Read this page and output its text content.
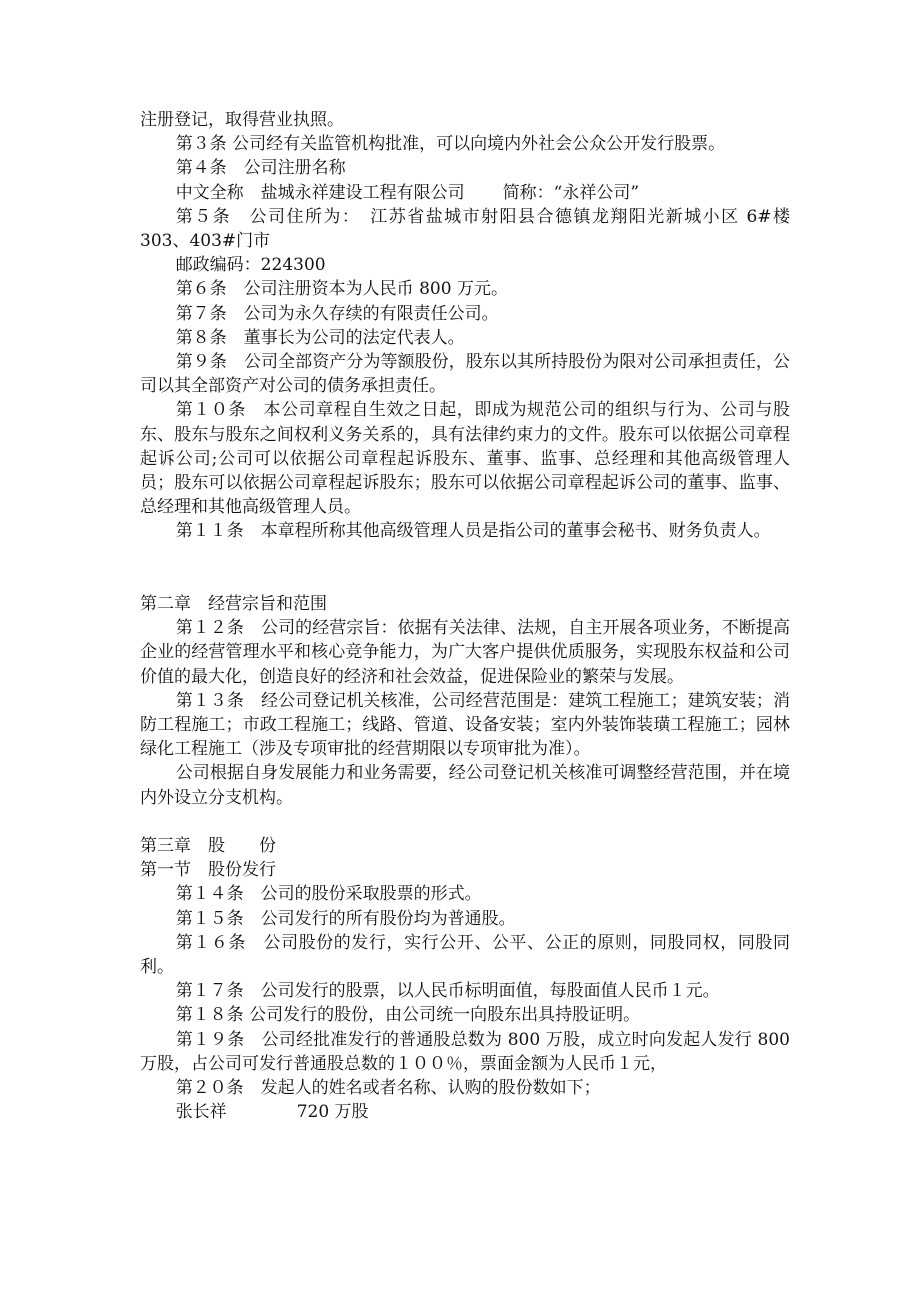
注册登记，取得营业执照。
第３条 公司经有关监管机构批准，可以向境内外社会公众公开发行股票。
第４条　公司注册名称
中文全称　盐城永祥建设工程有限公司 简称：“永祥公司”
第５条　公司住所为：　江苏省盐城市射阳县合德镇龙翔阳光新城小区 6#楼 303、403#门市
邮政编码：224300
第６条　公司注册资本为人民币 800 万元。
第７条　公司为永久存续的有限责任公司。
第８条　董事长为公司的法定代表人。
第９条　公司全部资产分为等额股份，股东以其所持股份为限对公司承担责任，公司以其全部资产对公司的债务承担责任。
第１０条　本公司章程自生效之日起，即成为规范公司的组织与行为、公司与股东、股东与股东之间权利义务关系的，具有法律约束力的文件。股东可以依据公司章程起诉公司;公司可以依据公司章程起诉股东、董事、监事、总经理和其他高级管理人员；股东可以依据公司章程起诉股东；股东可以依据公司章程起诉公司的董事、监事、总经理和其他高级管理人员。
第１１条　本章程所称其他高级管理人员是指公司的董事会秘书、财务负责人。
第二章　经营宗旨和范围
第１２条　公司的经营宗旨：依据有关法律、法规，自主开展各项业务，不断提高企业的经营管理水平和核心竞争能力，为广大客户提供优质服务，实现股东权益和公司价值的最大化，创造良好的经济和社会效益，促进保险业的繁荣与发展。
第１３条　经公司登记机关核准，公司经营范围是：建筑工程施工；建筑安装；消防工程施工；市政工程施工；线路、管道、设备安装；室内外装饰装璜工程施工；园林绿化工程施工（涉及专项审批的经营期限以专项审批为准）。
公司根据自身发展能力和业务需要，经公司登记机关核准可调整经营范围，并在境内外设立分支机构。
第三章　股　　份
第一节　股份发行
第１４条　公司的股份采取股票的形式。
第１５条　公司发行的所有股份均为普通股。
第１６条　公司股份的发行，实行公开、公平、公正的原则，同股同权，同股同利。
第１７条　公司发行的股票，以人民币标明面值，每股面值人民币１元。
第１８条 公司发行的股份，由公司统一向股东出具持股证明。
第１９条　公司经批准发行的普通股总数为 800 万股，成立时向发起人发行 800 万股，占公司可发行普通股总数的１００％，票面金额为人民币１元，
第２０条　发起人的姓名或者名称、认购的股份数如下；
张长祥	720 万股
